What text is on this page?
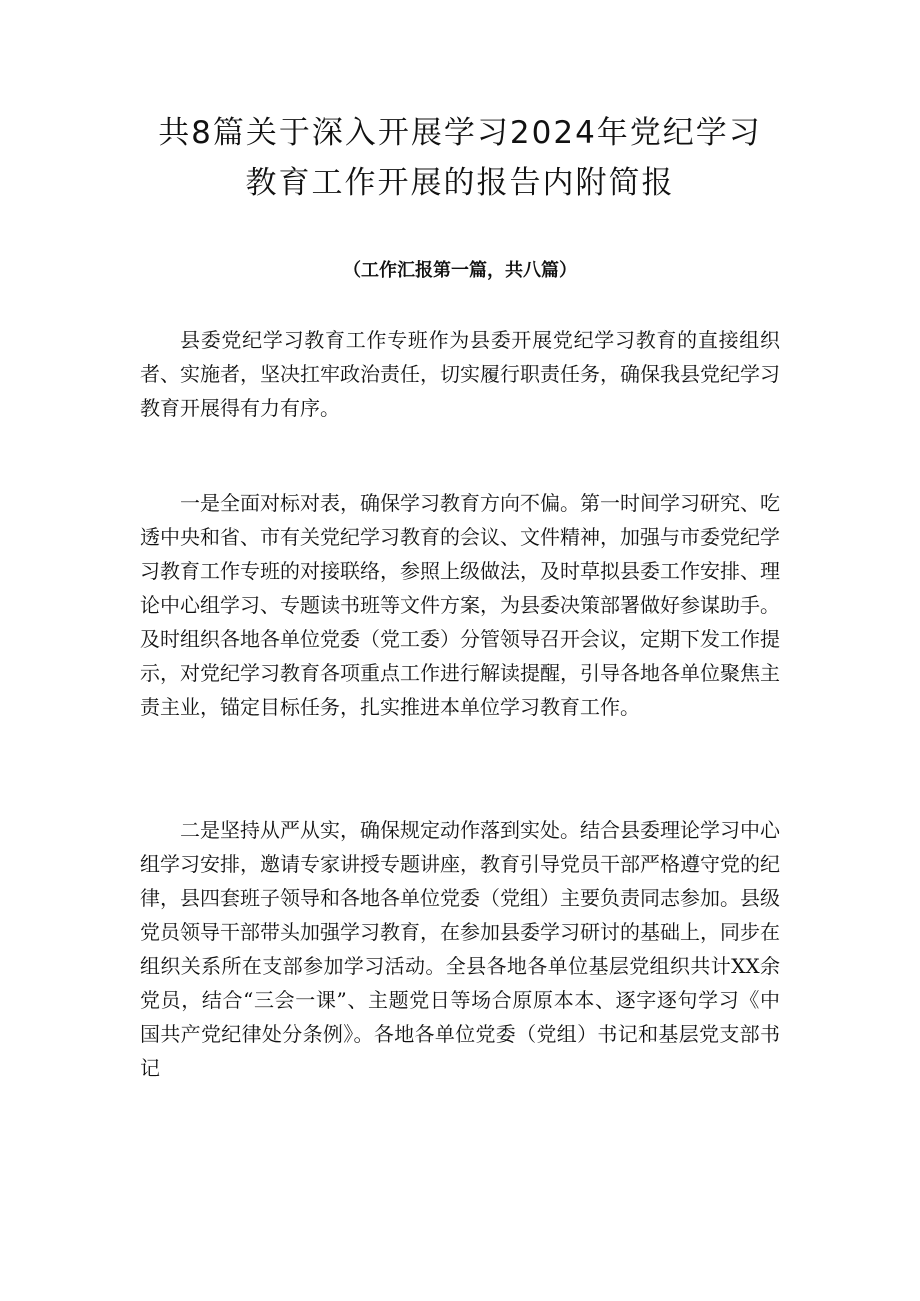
共8篇关于深入开展学习2024年党纪学习
教育工作开展的报告内附简报
（工作汇报第一篇，共八篇）

县委党纪学习教育工作专班作为县委开展党纪学习教育的直接组织者、实施者，坚决扛牢政治责任，切实履行职责任务，确保我县党纪学习教育开展得有力有序。

一是全面对标对表，确保学习教育方向不偏。第一时间学习研究、吃透中央和省、市有关党纪学习教育的会议、文件精神，加强与市委党纪学习教育工作专班的对接联络，参照上级做法，及时草拟县委工作安排、理论中心组学习、专题读书班等文件方案，为县委决策部署做好参谋助手。及时组织各地各单位党委（党工委）分管领导召开会议，定期下发工作提示，对党纪学习教育各项重点工作进行解读提醒，引导各地各单位聚焦主责主业，锚定目标任务，扎实推进本单位学习教育工作。

二是坚持从严从实，确保规定动作落到实处。结合县委理论学习中心组学习安排，邀请专家讲授专题讲座，教育引导党员干部严格遵守党的纪律，县四套班子领导和各地各单位党委（党组）主要负责同志参加。县级党员领导干部带头加强学习教育，在参加县委学习研讨的基础上，同步在组织关系所在支部参加学习活动。全县各地各单位基层党组织共计XX余党员，结合“三会一课”、主题党日等场合原原本本、逐字逐句学习《中国共产党纪律处分条例》。各地各单位党委（党组）书记和基层党支部书记
